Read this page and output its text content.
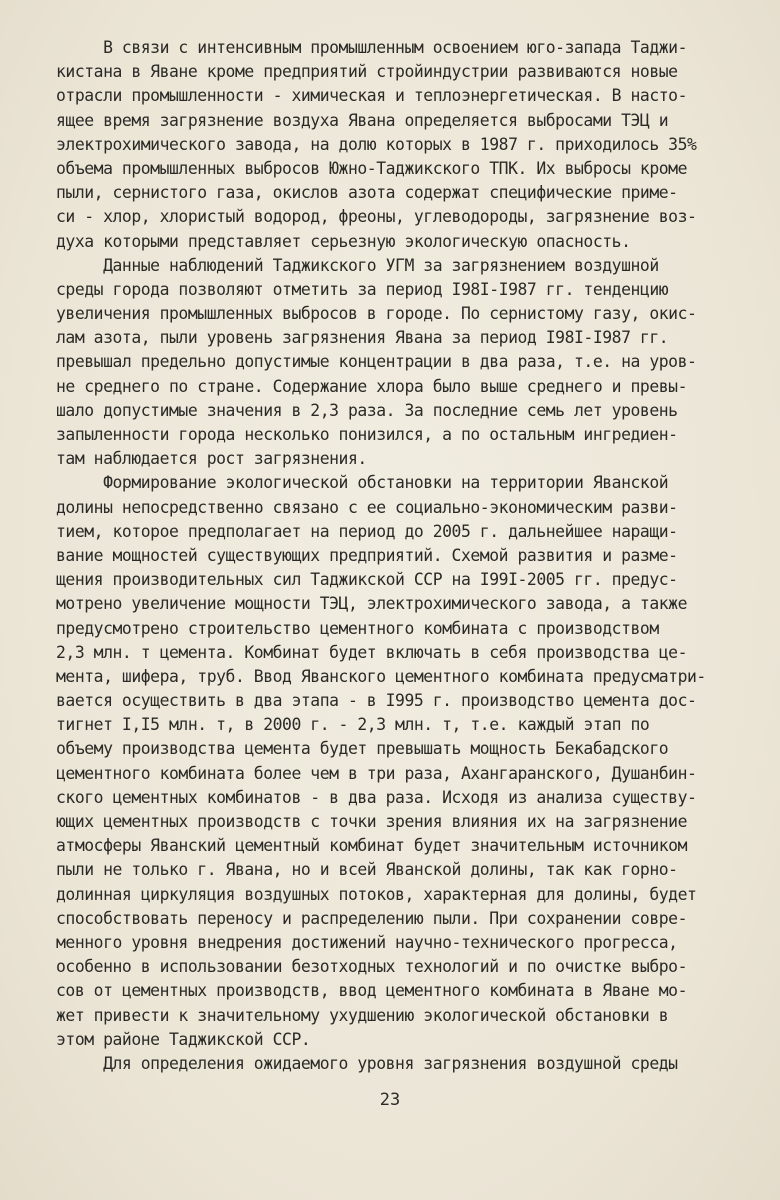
В связи с интенсивным промышленным освоением юго-запада Таджи-
кистана в Яване кроме предприятий стройиндустрии развиваются новые
отрасли промышленности - химическая и теплоэнергетическая. В насто-
ящее время загрязнение воздуха Явана определяется выбросами ТЭЦ и
электрохимического завода, на долю которых в 1987 г. приходилось 35%
объема промышленных выбросов Южно-Таджикского ТПК. Их выбросы кроме
пыли, сернистого газа, окислов азота содержат специфические приме-
си - хлор, хлористый водород, фреоны, углеводороды, загрязнение воз-
духа которыми представляет серьезную экологическую опасность.
Данные наблюдений Таджикского УГМ за загрязнением воздушной
среды города позволяют отметить за период I98I-I987 гг. тенденцию
увеличения промышленных выбросов в городе. По сернистому газу, окис-
лам азота, пыли уровень загрязнения Явана за период I98I-I987 гг.
превышал предельно допустимые концентрации в два раза, т.е. на уров-
не среднего по стране. Содержание хлора было выше среднего и превы-
шало допустимые значения в 2,3 раза. За последние семь лет уровень
запыленности города несколько понизился, а по остальным ингредиен-
там наблюдается рост загрязнения.
Формирование экологической обстановки на территории Яванской
долины непосредственно связано с ее социально-экономическим разви-
тием, которое предполагает на период до 2005 г. дальнейшее наращи-
вание мощностей существующих предприятий. Схемой развития и разме-
щения производительных сил Таджикской ССР на I99I-2005 гг. предус-
мотрено увеличение мощности ТЭЦ, электрохимического завода, а также
предусмотрено строительство цементного комбината с производством
2,3 млн. т цемента. Комбинат будет включать в себя производства це-
мента, шифера, труб. Ввод Яванского цементного комбината предусматри-
вается осуществить в два этапа - в I995 г. производство цемента дос-
тигнет I,I5 млн. т, в 2000 г. - 2,3 млн. т, т.е. каждый этап по
объему производства цемента будет превышать мощность Бекабадского
цементного комбината более чем в три раза, Ахангаранского, Душанбин-
ского цементных комбинатов - в два раза. Исходя из анализа существу-
ющих цементных производств с точки зрения влияния их на загрязнение
атмосферы Яванский цементный комбинат будет значительным источником
пыли не только г. Явана, но и всей Яванской долины, так как горно-
долинная циркуляция воздушных потоков, характерная для долины, будет
способствовать переносу и распределению пыли. При сохранении совре-
менного уровня внедрения достижений научно-технического прогресса,
особенно в использовании безотходных технологий и по очистке выбро-
сов от цементных производств, ввод цементного комбината в Яване мо-
жет привести к значительному ухудшению экологической обстановки в
этом районе Таджикской ССР.
Для определения ожидаемого уровня загрязнения воздушной среды
23
